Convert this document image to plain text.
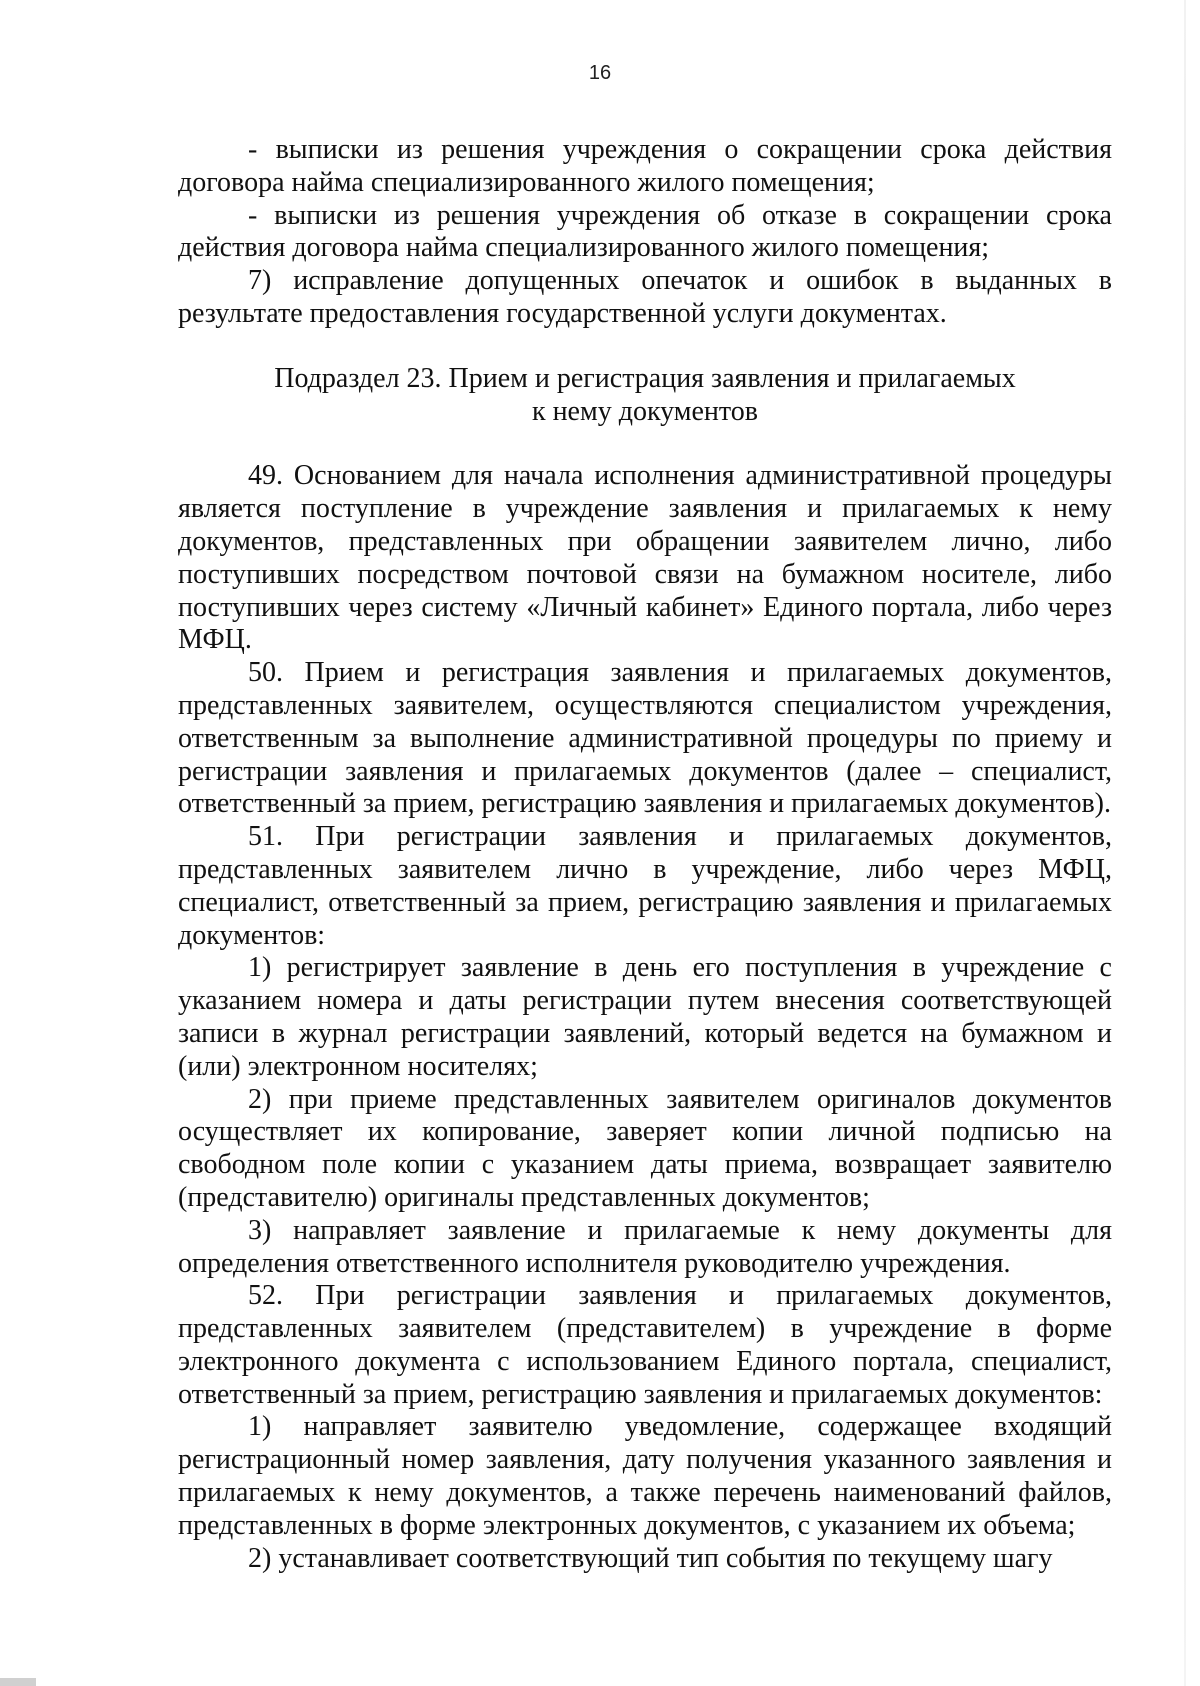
16

- выписки из решения учреждения о сокращении срока действия договора найма специализированного жилого помещения;

- выписки из решения учреждения об отказе в сокращении срока действия договора найма специализированного жилого помещения;

7) исправление допущенных опечаток и ошибок в выданных в результате предоставления государственной услуги документах.

Подраздел 23. Прием и регистрация заявления и прилагаемых
к нему документов

49. Основанием для начала исполнения административной процедуры является поступление в учреждение заявления и прилагаемых к нему документов, представленных при обращении заявителем лично, либо поступивших посредством почтовой связи на бумажном носителе, либо поступивших через систему «Личный кабинет» Единого портала, либо через МФЦ.

50. Прием и регистрация заявления и прилагаемых документов, представленных заявителем, осуществляются специалистом учреждения, ответственным за выполнение административной процедуры по приему и регистрации заявления и прилагаемых документов (далее – специалист, ответственный за прием, регистрацию заявления и прилагаемых документов).

51. При регистрации заявления и прилагаемых документов, представленных заявителем лично в учреждение, либо через МФЦ, специалист, ответственный за прием, регистрацию заявления и прилагаемых документов:

1) регистрирует заявление в день его поступления в учреждение с указанием номера и даты регистрации путем внесения соответствующей записи в журнал регистрации заявлений, который ведется на бумажном и (или) электронном носителях;

2) при приеме представленных заявителем оригиналов документов осуществляет их копирование, заверяет копии личной подписью на свободном поле копии с указанием даты приема, возвращает заявителю (представителю) оригиналы представленных документов;

3) направляет заявление и прилагаемые к нему документы для определения ответственного исполнителя руководителю учреждения.

52. При регистрации заявления и прилагаемых документов, представленных заявителем (представителем) в учреждение в форме электронного документа с использованием Единого портала, специалист, ответственный за прием, регистрацию заявления и прилагаемых документов:

1) направляет заявителю уведомление, содержащее входящий регистрационный номер заявления, дату получения указанного заявления и прилагаемых к нему документов, а также перечень наименований файлов, представленных в форме электронных документов, с указанием их объема;

2) устанавливает соответствующий тип события по текущему шагу
